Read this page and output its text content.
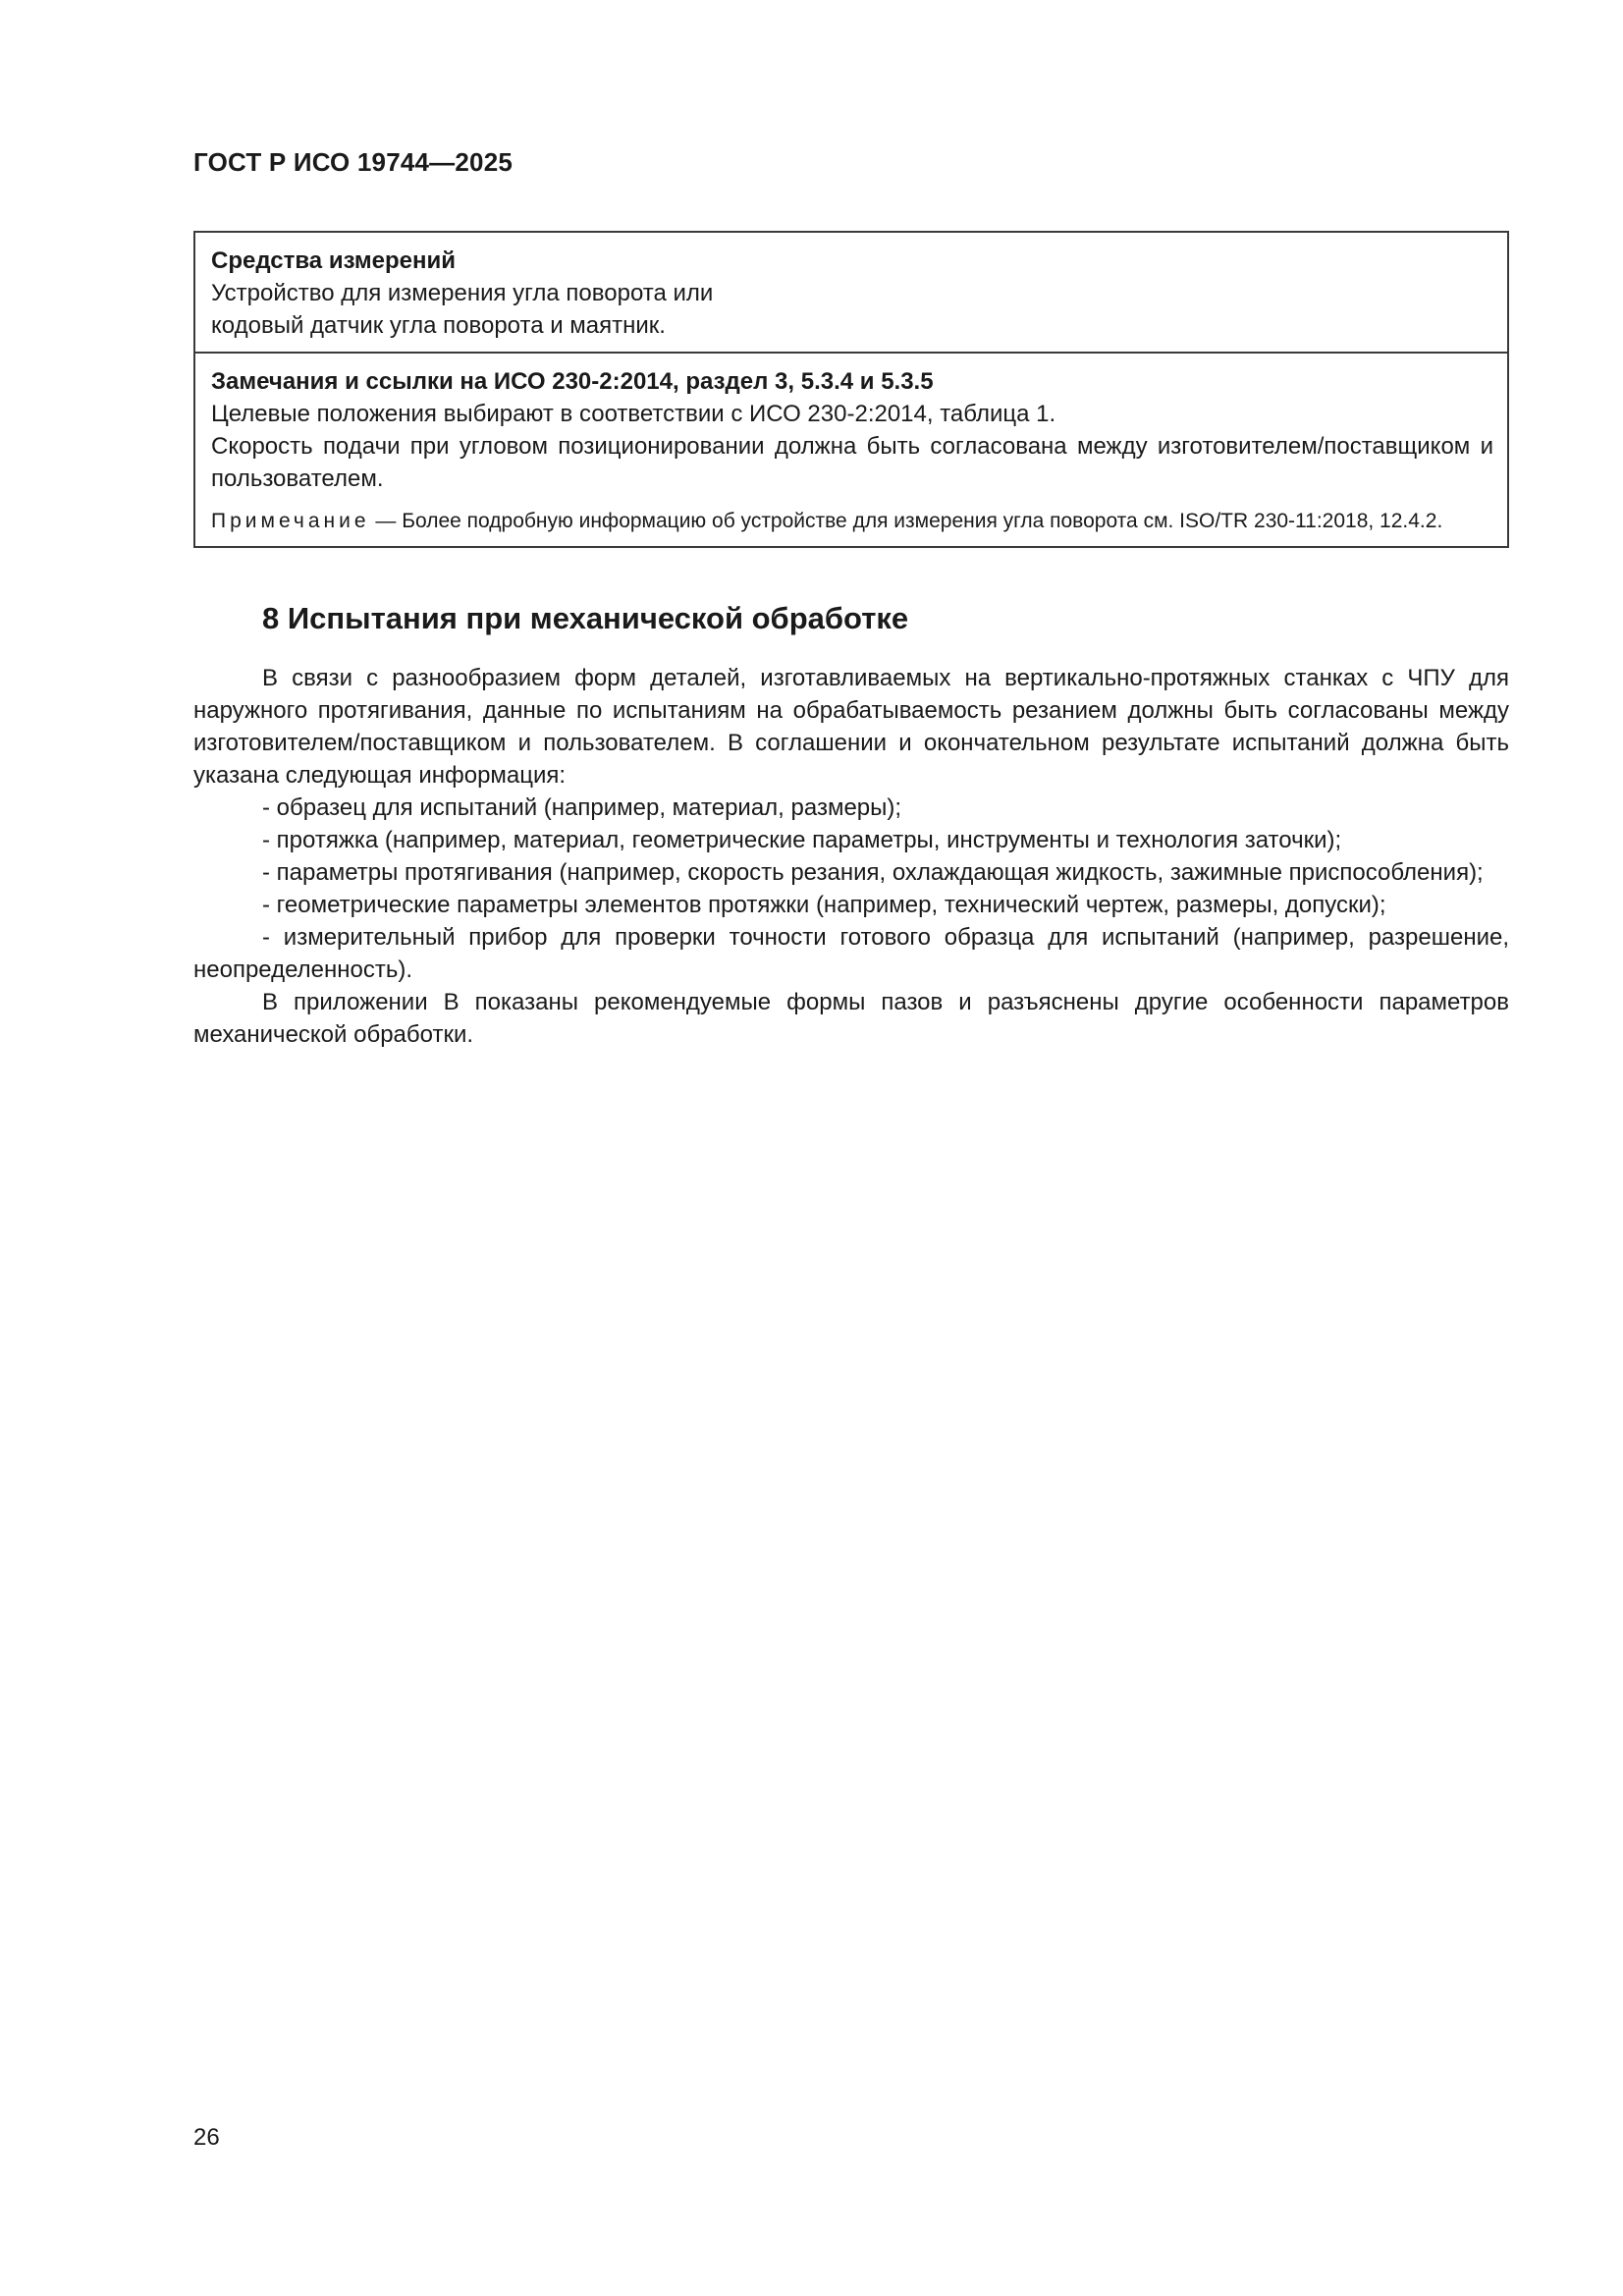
ГОСТ Р ИСО 19744—2025
Средства измерений
Устройство для измерения угла поворота или
кодовый датчик угла поворота и маятник.
Замечания и ссылки на ИСО 230-2:2014, раздел 3, 5.3.4 и 5.3.5
Целевые положения выбирают в соответствии с ИСО 230-2:2014, таблица 1.
Скорость подачи при угловом позиционировании должна быть согласована между изготовителем/поставщиком и пользователем.
Примечание — Более подробную информацию об устройстве для измерения угла поворота см. ISO/TR 230-11:2018, 12.4.2.
8 Испытания при механической обработке

В связи с разнообразием форм деталей, изготавливаемых на вертикально-протяжных станках с ЧПУ для наружного протягивания, данные по испытаниям на обрабатываемость резанием должны быть согласованы между изготовителем/поставщиком и пользователем. В соглашении и окончательном результате испытаний должна быть указана следующая информация:

- образец для испытаний (например, материал, размеры);

- протяжка (например, материал, геометрические параметры, инструменты и технология заточки);

- параметры протягивания (например, скорость резания, охлаждающая жидкость, зажимные приспособления);

- геометрические параметры элементов протяжки (например, технический чертеж, размеры, допуски);

- измерительный прибор для проверки точности готового образца для испытаний (например, разрешение, неопределенность).

В приложении В показаны рекомендуемые формы пазов и разъяснены другие особенности параметров механической обработки.

26
